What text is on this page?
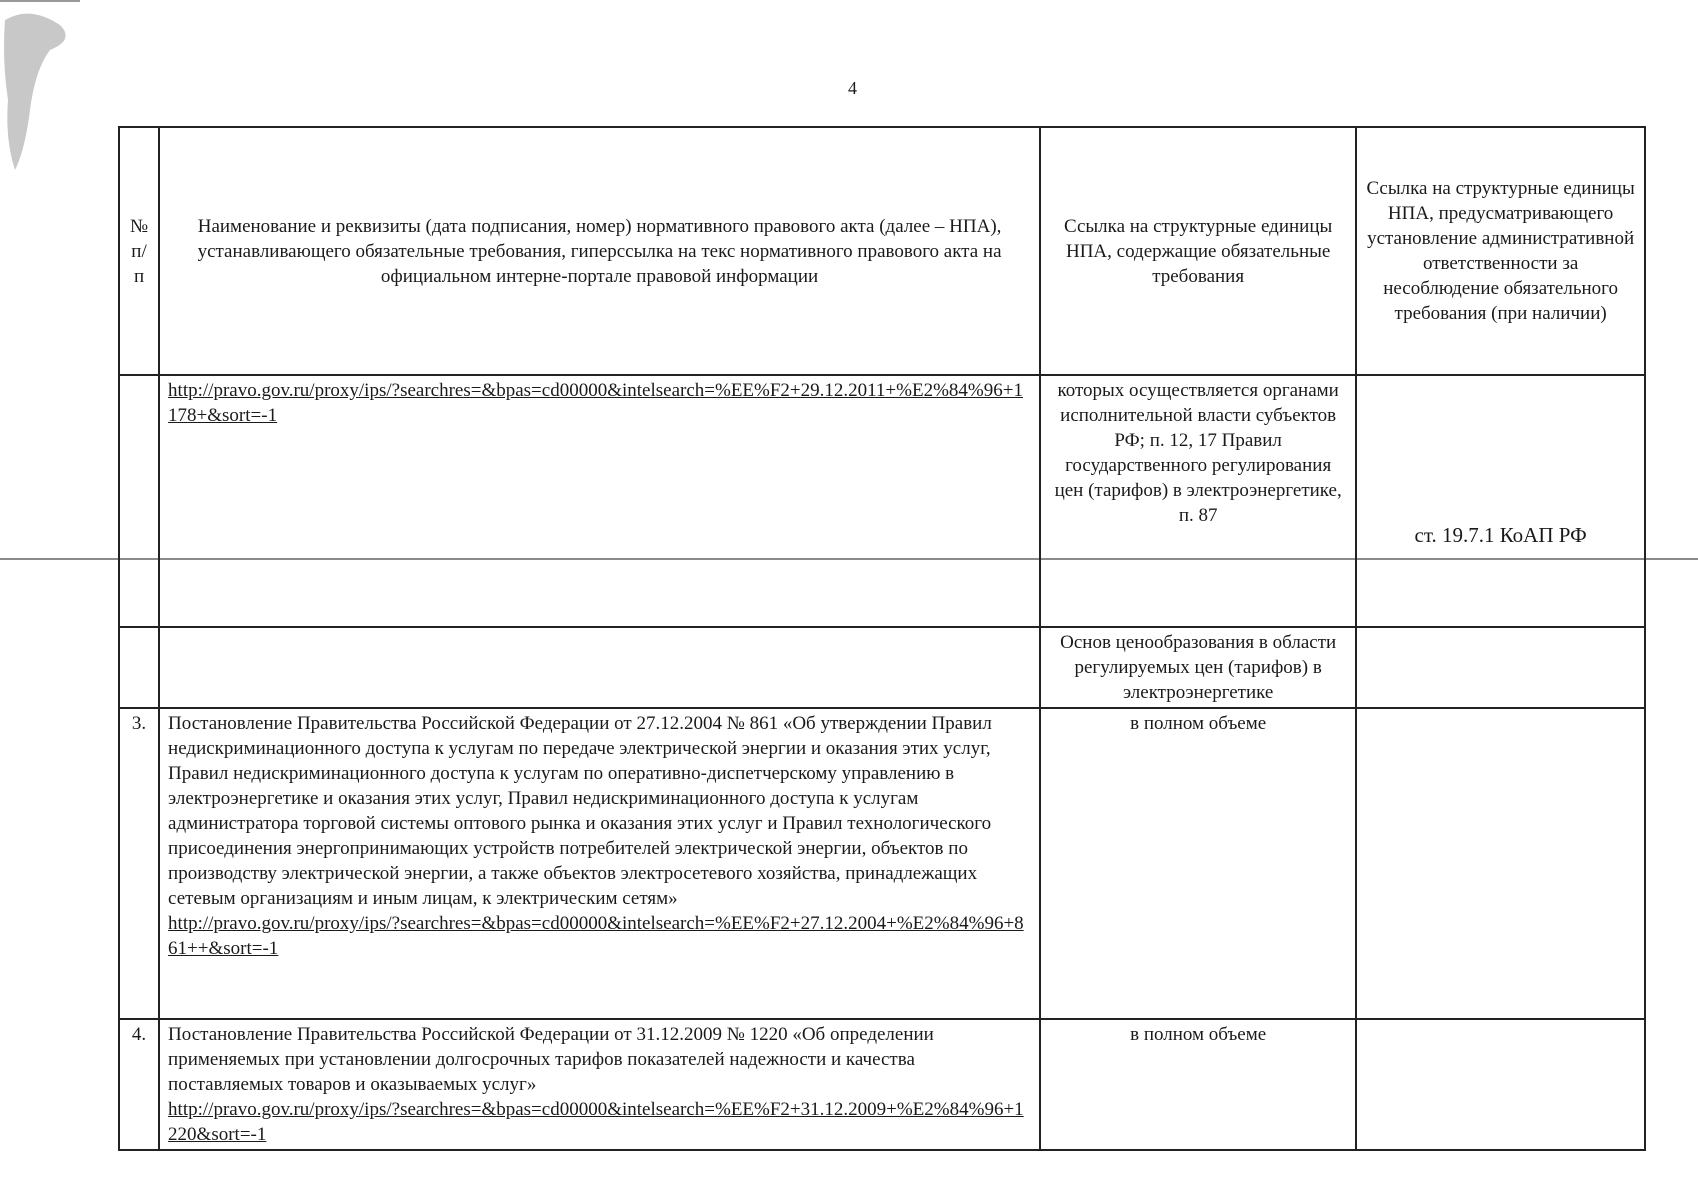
4
№ п/п	Наименование и реквизиты (дата подписания, номер) нормативного правового акта (далее – НПА), устанавливающего обязательные требования, гиперссылка на текс нормативного правового акта на официальном интерне-портале правовой информации	Ссылка на структурные единицы НПА, содержащие обязательные требования	Ссылка на структурные единицы НПА, предусматривающего установление административной ответственности за несоблюдение обязательного требования (при наличии)

	http://pravo.gov.ru/proxy/ips/?searchres=&bpas=cd00000&intelsearch=%EE%F2+29.12.2011+%E2%84%96+1178+&sort=-1	которых осуществляется органами исполнительной власти субъектов РФ; п. 12, 17 Правил государственного регулирования цен (тарифов) в электроэнергетике, п. 87	ст. 19.7.1 КоАП РФ
		Основ ценообразования в области регулируемых цен (тарифов) в электроэнергетике	
3.	Постановление Правительства Российской Федерации от 27.12.2004 № 861 «Об утверждении Правил недискриминационного доступа к услугам по передаче электрической энергии и оказания этих услуг, Правил недискриминационного доступа к услугам по оперативно-диспетчерскому управлению в электроэнергетике и оказания этих услуг, Правил недискриминационного доступа к услугам администратора торговой системы оптового рынка и оказания этих услуг и Правил технологического присоединения энергопринимающих устройств потребителей электрической энергии, объектов по производству электрической энергии, а также объектов электросетевого хозяйства, принадлежащих сетевым организациям и иным лицам, к электрическим сетям»
http://pravo.gov.ru/proxy/ips/?searchres=&bpas=cd00000&intelsearch=%EE%F2+27.12.2004+%E2%84%96+861++&sort=-1	в полном объеме	
4.	Постановление Правительства Российской Федерации от 31.12.2009 № 1220 «Об определении применяемых при установлении долгосрочных тарифов показателей надежности и качества поставляемых товаров и оказываемых услуг»
http://pravo.gov.ru/proxy/ips/?searchres=&bpas=cd00000&intelsearch=%EE%F2+31.12.2009+%E2%84%96+1220&sort=-1	в полном объеме	
